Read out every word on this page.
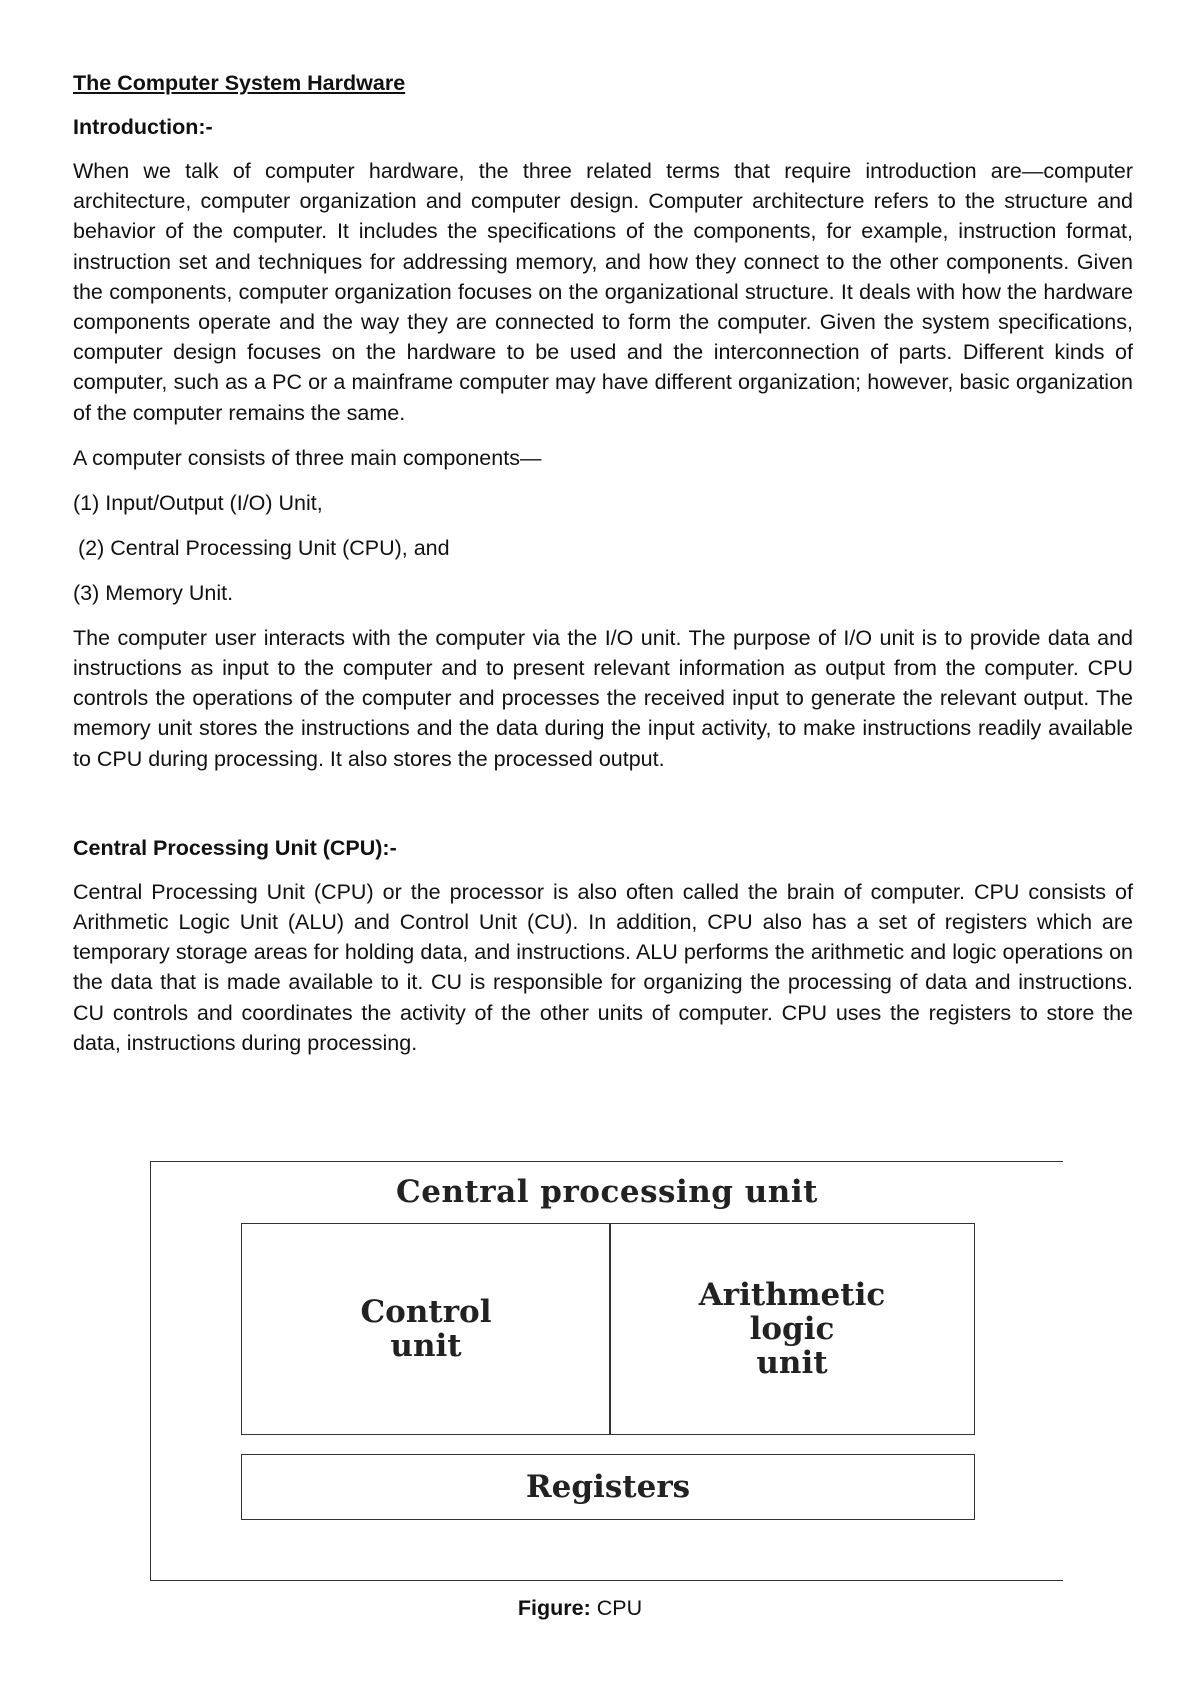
The Computer System Hardware
Introduction:-

When we talk of computer hardware, the three related terms that require introduction are—computer architecture, computer organization and computer design. Computer architecture refers to the structure and behavior of the computer. It includes the specifications of the components, for example, instruction format, instruction set and techniques for addressing memory, and how they connect to the other components. Given the components, computer organization focuses on the organizational structure. It deals with how the hardware components operate and the way they are connected to form the computer. Given the system specifications, computer design focuses on the hardware to be used and the interconnection of parts. Different kinds of computer, such as a PC or a mainframe computer may have different organization; however, basic organization of the computer remains the same.

A computer consists of three main components—
(1) Input/Output (I/O) Unit,
(2) Central Processing Unit (CPU), and
(3) Memory Unit.

The computer user interacts with the computer via the I/O unit. The purpose of I/O unit is to provide data and instructions as input to the computer and to present relevant information as output from the computer. CPU controls the operations of the computer and processes the received input to generate the relevant output. The memory unit stores the instructions and the data during the input activity, to make instructions readily available to CPU during processing. It also stores the processed output.

Central Processing Unit (CPU):-

Central Processing Unit (CPU) or the processor is also often called the brain of computer. CPU consists of Arithmetic Logic Unit (ALU) and Control Unit (CU). In addition, CPU also has a set of registers which are temporary storage areas for holding data, and instructions. ALU performs the arithmetic and logic operations on the data that is made available to it. CU is responsible for organizing the processing of data and instructions. CU controls and coordinates the activity of the other units of computer. CPU uses the registers to store the data, instructions during processing.

Central processing unit
Control
unit
Arithmetic
logic
unit
Registers
Figure: CPU
